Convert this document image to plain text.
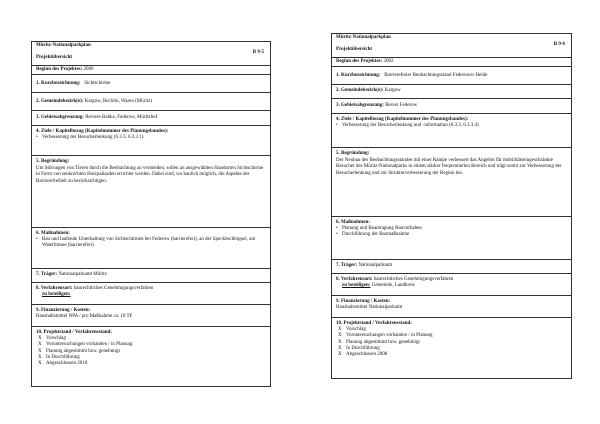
Müritz-Nationalparkplan
Projektübersicht
B 9-5
Beginn des Projektes: 2000
1. Kurzbezeichnung: Sichtschirme
2. Gemeindebezirk(e): Kargow, Rechlin, Waren (Müritz)
3. Gebietsabgrenzung: Reviere Babke, Federow, Müritzhof
4. Ziele / Kapitelbezug (Kapitelnummer des Planungsbandes):
• Verbesserung der Besucherlenkung (6.3.3, 6.3.3.1).
5. Begründung:
Um Störungen von Tieren durch die Beobachtung zu vermeiden, sollen an ausgewählten Standorten Sichtschirme in Form von senkrechten Holzpalisaden errichtet werden. Dabei sind, wo baulich möglich, die Aspekte der Barrierefreiheit zu berücksichtigen.
6. Maßnahmen:
• Bau und laufende Unterhaltung von Sichtschirmen bei Federow (barrierefrei), an der Specköschloppel, am Waterlitzsee (barrierefrei)
7. Träger: Nationalparkamt Müritz
8. Verfahrensart: baurechtliches Genehmigungsverfahren
zu beteiligen:
9. Finanzierung / Kosten:
Haushaltsmittel NPA / pro Maßnahme ca. 10 T€
10. Projektstand / Verfahrensstand:
X Vorschlag
X Voruntersuchungen vorhanden / in Planung
X Planung abgestimmt bzw. genehmigt
X In Durchführung
X Abgeschlossen 2010
Müritz-Nationalparkplan
Projektübersicht
B 9-6
Beginn des Projektes: 2002
1. Kurzbezeichnung: Barrierefreier Beobachtungsstand Federower Heide
2. Gemeindebezirk(e): Kargow
3. Gebietsabgrenzung: Revier Federow
4. Ziele / Kapitelbezug (Kapitelnummer des Planungsbandes):
• Verbesserung der Besucherlenkung und -information (6.3.3, 6.3.3.4)
5. Begründung:
Der Neubau des Beobachtungsstandes mit einer Rampe verbessert das Angebot für mobilitätseingeschränkte Besucher des Müritz-Nationalparks in einem stärker frequentierten Bereich und trägt somit zur Verbesserung der Besucherlenkung und zur Strukturverbesserung der Region bei.
6. Maßnahmen:
• Planung und Beantragung Bauvorhaben
• Durchführung der Baumaßnahme
7. Träger: Nationalparkamt
8. Verfahrensart: baurechtliches Genehmigungsverfahren
zu beteiligen: Gemeinde, Landkreis
9. Finanzierung / Kosten:
Haushaltsmittel Nationalparkamt
10. Projektstand / Verfahrensstand:
X Vorschlag
X Voruntersuchungen vorhanden / in Planung
X Planung abgestimmt bzw. genehmigt
X In Durchführung
X Abgeschlossen 2008
